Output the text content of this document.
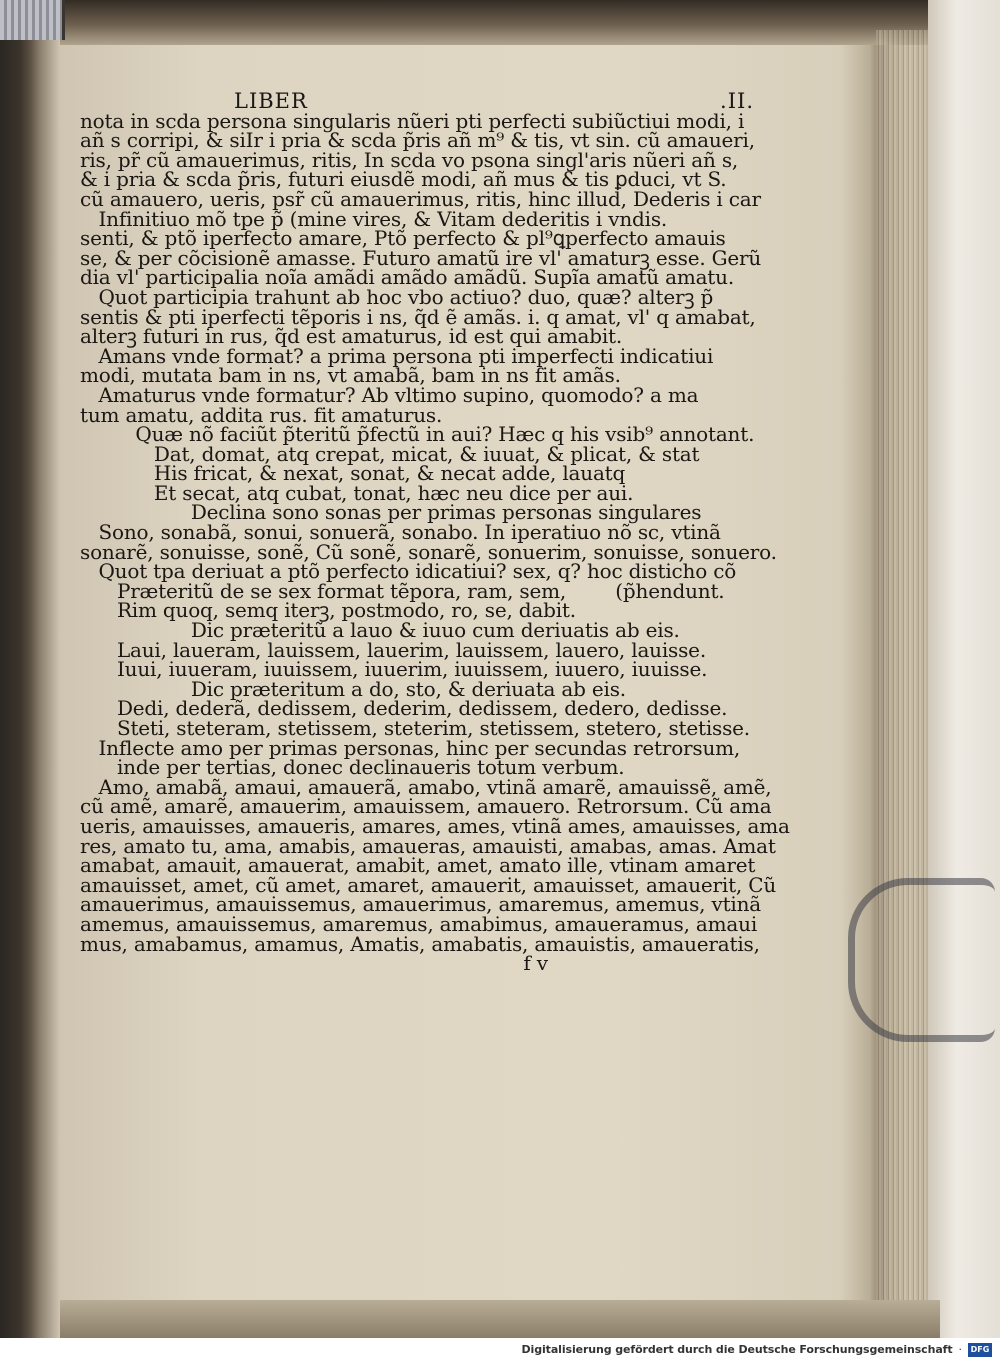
LIBER	.II.
nota in scda persona singularis nũeri pti perfecti subiũctiui modi, i
añ s corripi, & siIr i pria & scda p̃ris añ m⁹ & tis, vt sin. cũ amaueri,
ris, pr̃ cũ amauerimus, ritis, In scda vo psona singl'aris nũeri añ s,
& i pria & scda p̃ris, futuri eiusdẽ modi, añ mus & tis ꝑduci, vt S.
cũ amauero, ueris, psr̃ cũ amauerimus, ritis, hinc illud, Dederis i car
Infinitiuo mõ tpe p̃ (mine vires, & Vitam dederitis i vndis.
senti, & ptõ iperfecto amare, Ptõ perfecto & pl⁹ꝗperfecto amauis
se, & per cõcisionẽ amasse. Futuro amatũ ire vl' amaturꝫ esse. Gerũ
dia vl' participalia noĩa amãdi amãdo amãdũ. Supĩa amatũ amatu.
Quot participia trahunt ab hoc vbo actiuo? duo, quæ? alterꝫ p̃
sentis & pti iperfecti tẽporis i ns, q̃d ẽ amãs. i. q amat, vl' q amabat,
alterꝫ futuri in rus, q̃d est amaturus, id est qui amabit.
Amans vnde format? a prima persona pti imperfecti indicatiui
modi, mutata bam in ns, vt amabã, bam in ns fit amãs.
Amaturus vnde formatur? Ab vltimo supino, quomodo? a ma
tum amatu, addita rus. fit amaturus.
Quæ nõ faciũt p̃teritũ p̃fectũ in aui? Hæc q his vsib⁹ annotant.
Dat, domat, atq crepat, micat, & iuuat, & plicat, & stat
His fricat, & nexat, sonat, & necat adde, lauatq
Et secat, atq cubat, tonat, hæc neu dice per aui.
Declina sono sonas per primas personas singulares
Sono, sonabã, sonui, sonuerã, sonabo. In iperatiuo nõ sc, vtinã
sonarẽ, sonuisse, sonẽ, Cũ sonẽ, sonarẽ, sonuerim, sonuisse, sonuero.
Quot tpa deriuat a ptõ perfecto idicatiui? sex, q? hoc disticho cõ
Præteritũ de se sex format tẽpora, ram, sem,        (p̃hendunt.
Rim quoq, semq iterꝫ, postmodo, ro, se, dabit.
Dic præteritũ a lauo & iuuo cum deriuatis ab eis.
Laui, laueram, lauissem, lauerim, lauissem, lauero, lauisse.
Iuui, iuueram, iuuissem, iuuerim, iuuissem, iuuero, iuuisse.
Dic præteritum a do, sto, & deriuata ab eis.
Dedi, dederã, dedissem, dederim, dedissem, dedero, dedisse.
Steti, steteram, stetissem, steterim, stetissem, stetero, stetisse.
Inflecte amo per primas personas, hinc per secundas retrorsum,
inde per tertias, donec declinaueris totum verbum.
Amo, amabã, amaui, amauerã, amabo, vtinã amarẽ, amauissẽ, amẽ,
cũ amẽ, amarẽ, amauerim, amauissem, amauero. Retrorsum. Cũ ama
ueris, amauisses, amaueris, amares, ames, vtinã ames, amauisses, ama
res, amato tu, ama, amabis, amaueras, amauisti, amabas, amas. Amat
amabat, amauit, amauerat, amabit, amet, amato ille, vtinam amaret
amauisset, amet, cũ amet, amaret, amauerit, amauisset, amauerit, Cũ
amauerimus, amauissemus, amauerimus, amaremus, amemus, vtinã
amemus, amauissemus, amaremus, amabimus, amaueramus, amaui
mus, amabamus, amamus, Amatis, amabatis, amauistis, amaueratis,
f v
Digitalisierung gefördert durch die Deutsche Forschungsgemeinschaft ·	DFG
